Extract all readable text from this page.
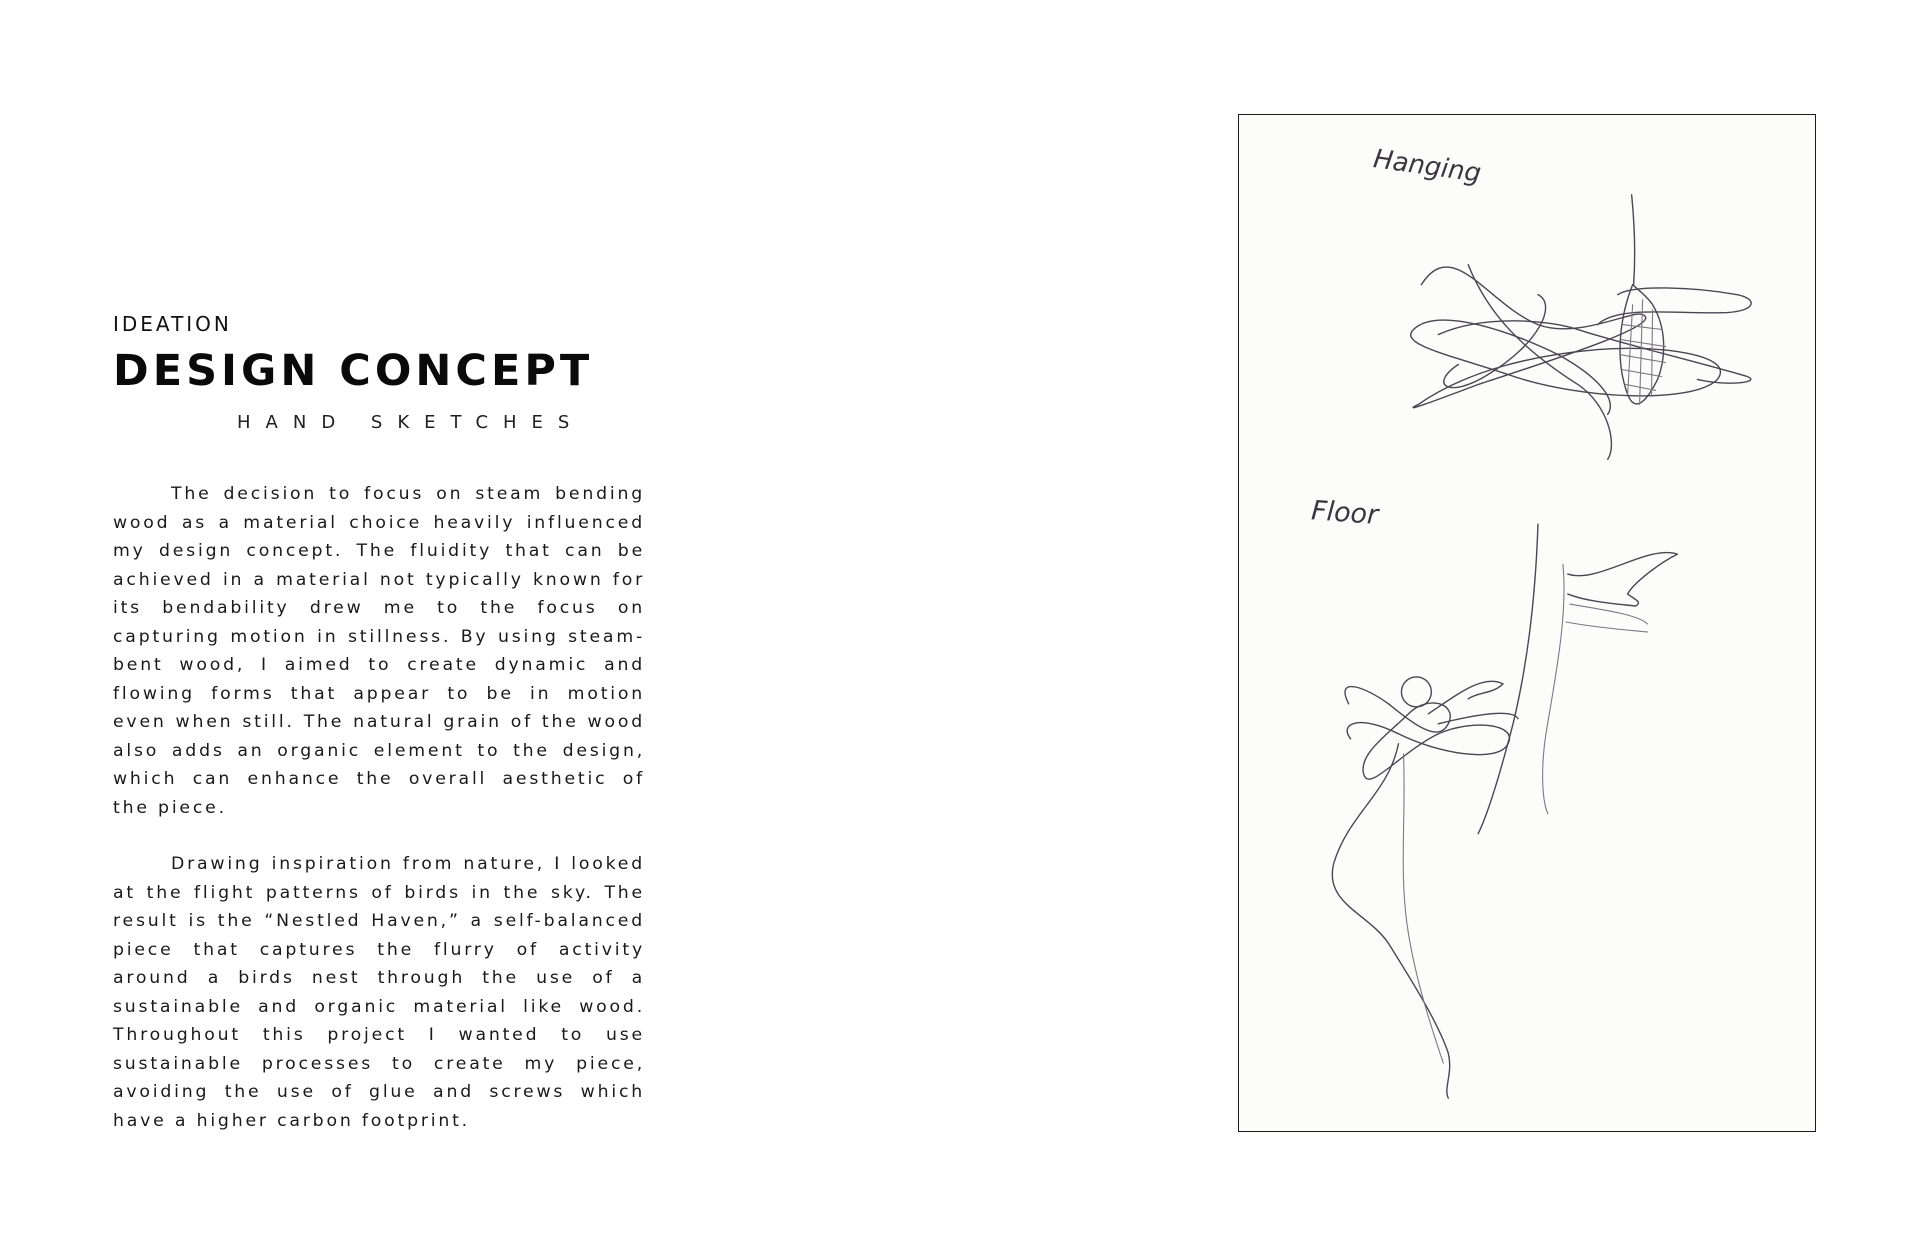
IDEATION
DESIGN CONCEPT
HAND SKETCHES

The decision to focus on steam bending wood as a material choice heavily influenced my design concept. The fluidity that can be achieved in a material not typically known for its bendability drew me to the focus on capturing motion in stillness. By using steam-bent wood, I aimed to create dynamic and flowing forms that appear to be in motion even when still. The natural grain of the wood also adds an organic element to the design, which can enhance the overall aesthetic of the piece.

Drawing inspiration from nature, I looked at the flight patterns of birds in the sky. The result is the “Nestled Haven,” a self-balanced piece that captures the flurry of activity around a birds nest through the use of a sustainable and organic material like wood. Throughout this project I wanted to use sustainable processes to create my piece, avoiding the use of glue and screws which have a higher carbon footprint.

Hanging
Floor
